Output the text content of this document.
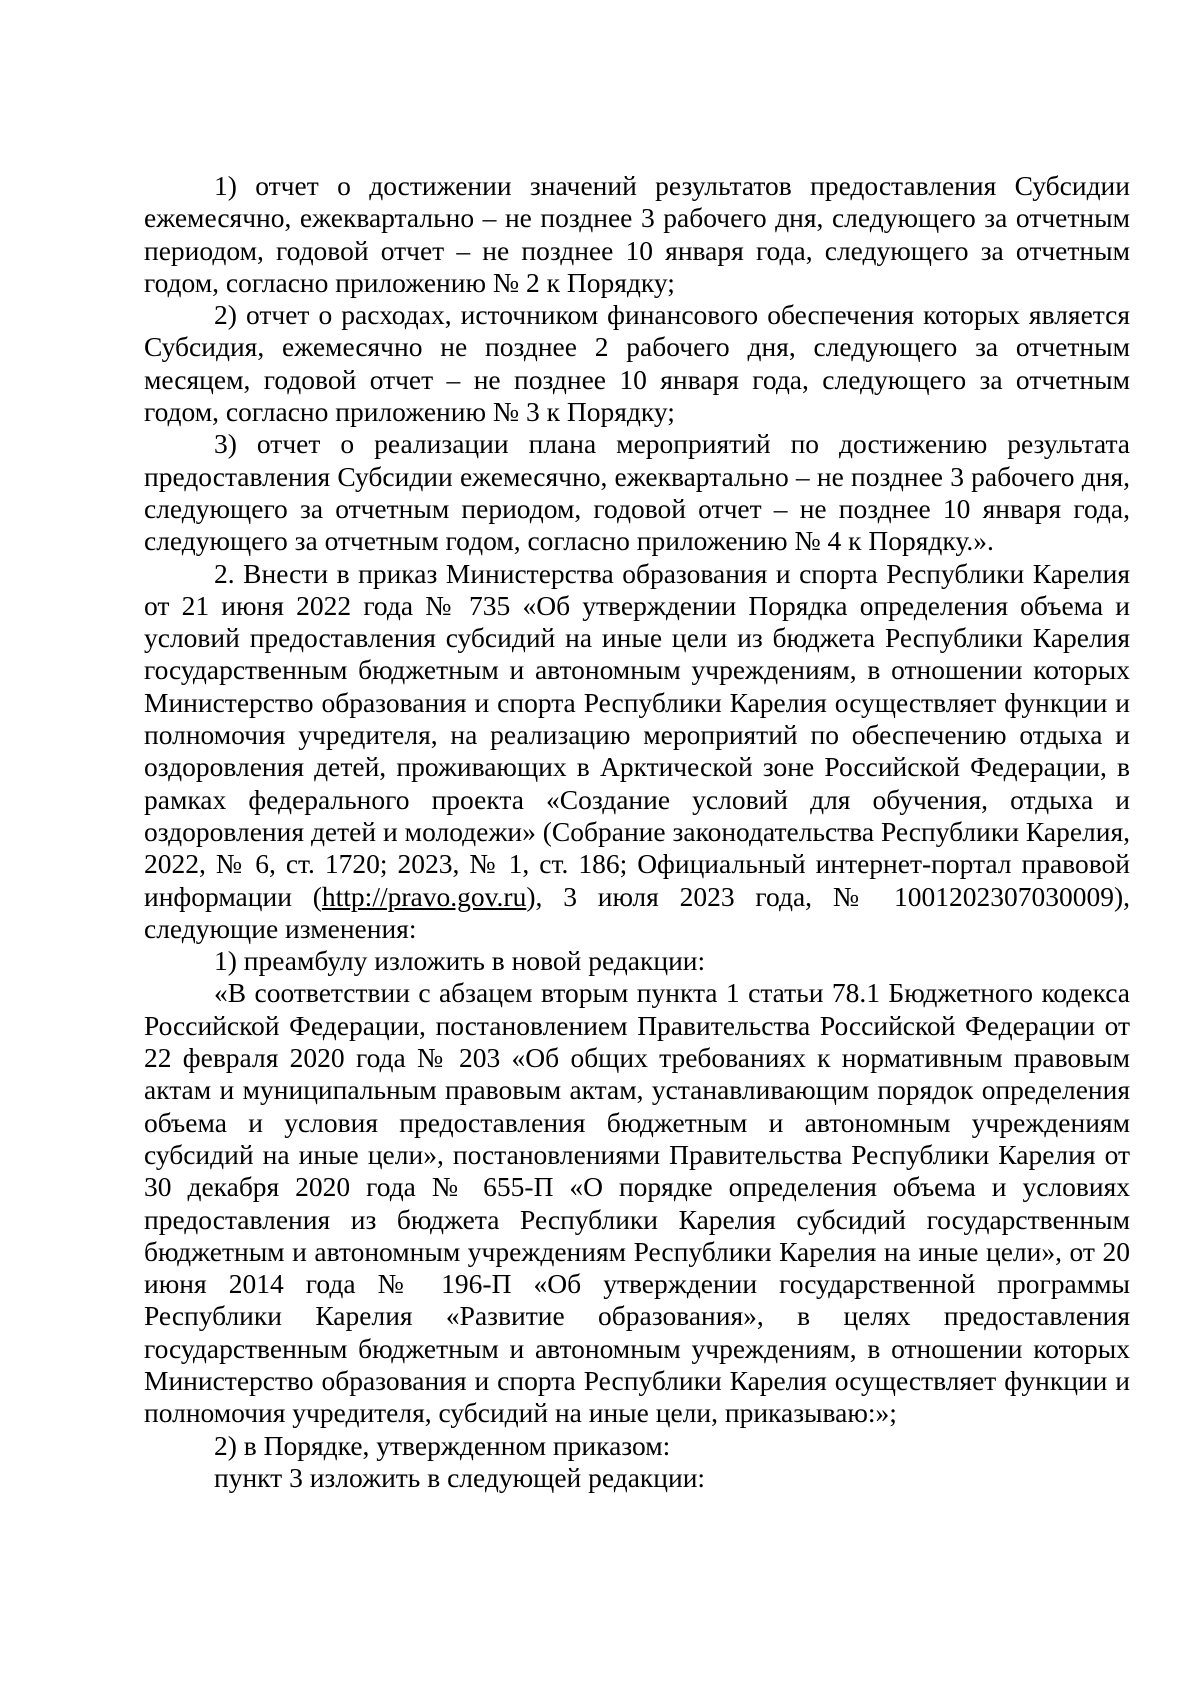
1) отчет о достижении значений результатов предоставления Субсидии ежемесячно, ежеквартально – не позднее 3 рабочего дня, следующего за отчетным периодом, годовой отчет – не позднее 10 января года, следующего за отчетным годом, согласно приложению № 2 к Порядку;

2) отчет о расходах, источником финансового обеспечения которых является Субсидия, ежемесячно не позднее 2 рабочего дня, следующего за отчетным месяцем, годовой отчет – не позднее 10 января года, следующего за отчетным годом, согласно приложению № 3 к Порядку;

3) отчет о реализации плана мероприятий по достижению результата предоставления Субсидии ежемесячно, ежеквартально – не позднее 3 рабочего дня, следующего за отчетным периодом, годовой отчет – не позднее 10 января года, следующего за отчетным годом, согласно приложению № 4 к Порядку.».

2. Внести в приказ Министерства образования и спорта Республики Карелия от 21 июня 2022 года № 735 «Об утверждении Порядка определения объема и условий предоставления субсидий на иные цели из бюджета Республики Карелия государственным бюджетным и автономным учреждениям, в отношении которых Министерство образования и спорта Республики Карелия осуществляет функции и полномочия учредителя, на реализацию мероприятий по обеспечению отдыха и оздоровления детей, проживающих в Арктической зоне Российской Федерации, в рамках федерального проекта «Создание условий для обучения, отдыха и оздоровления детей и молодежи» (Собрание законодательства Республики Карелия, 2022, № 6, ст. 1720; 2023, № 1, ст. 186; Официальный интернет-портал правовой информации (http://pravo.gov.ru), 3 июля 2023 года, № 1001202307030009), следующие изменения:

1) преамбулу изложить в новой редакции:

«В соответствии с абзацем вторым пункта 1 статьи 78.1 Бюджетного кодекса Российской Федерации, постановлением Правительства Российской Федерации от 22 февраля 2020 года № 203 «Об общих требованиях к нормативным правовым актам и муниципальным правовым актам, устанавливающим порядок определения объема и условия предоставления бюджетным и автономным учреждениям субсидий на иные цели», постановлениями Правительства Республики Карелия от 30 декабря 2020 года № 655-П «О порядке определения объема и условиях предоставления из бюджета Республики Карелия субсидий государственным бюджетным и автономным учреждениям Республики Карелия на иные цели», от 20 июня 2014 года № 196-П «Об утверждении государственной программы Республики Карелия «Развитие образования», в целях предоставления государственным бюджетным и автономным учреждениям, в отношении которых Министерство образования и спорта Республики Карелия осуществляет функции и полномочия учредителя, субсидий на иные цели, приказываю:»;

2) в Порядке, утвержденном приказом:

пункт 3 изложить в следующей редакции:
